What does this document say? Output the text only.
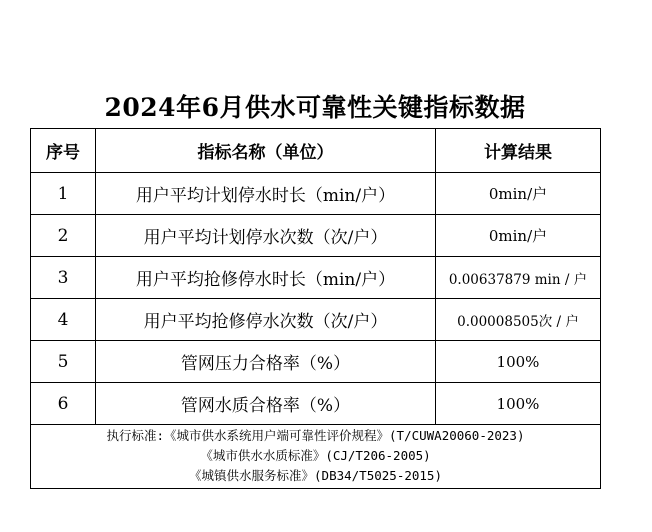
2024年6月供水可靠性关键指标数据
序号	指标名称（单位）	计算结果
1	用户平均计划停水时长（min/户）	0min/户
2	用户平均计划停水次数（次/户）	0min/户
3	用户平均抢修停水时长（min/户）	0.00637879 min / 户
4	用户平均抢修停水次数（次/户）	0.00008505次 / 户
5	管网压力合格率（%）	100%
6	管网水质合格率（%）	100%

执行标准:《城市供水系统用户端可靠性评价规程》(T/CUWA20060-2023)
《城市供水水质标准》(CJ/T206-2005)
《城镇供水服务标准》(DB34/T5025-2015)		
